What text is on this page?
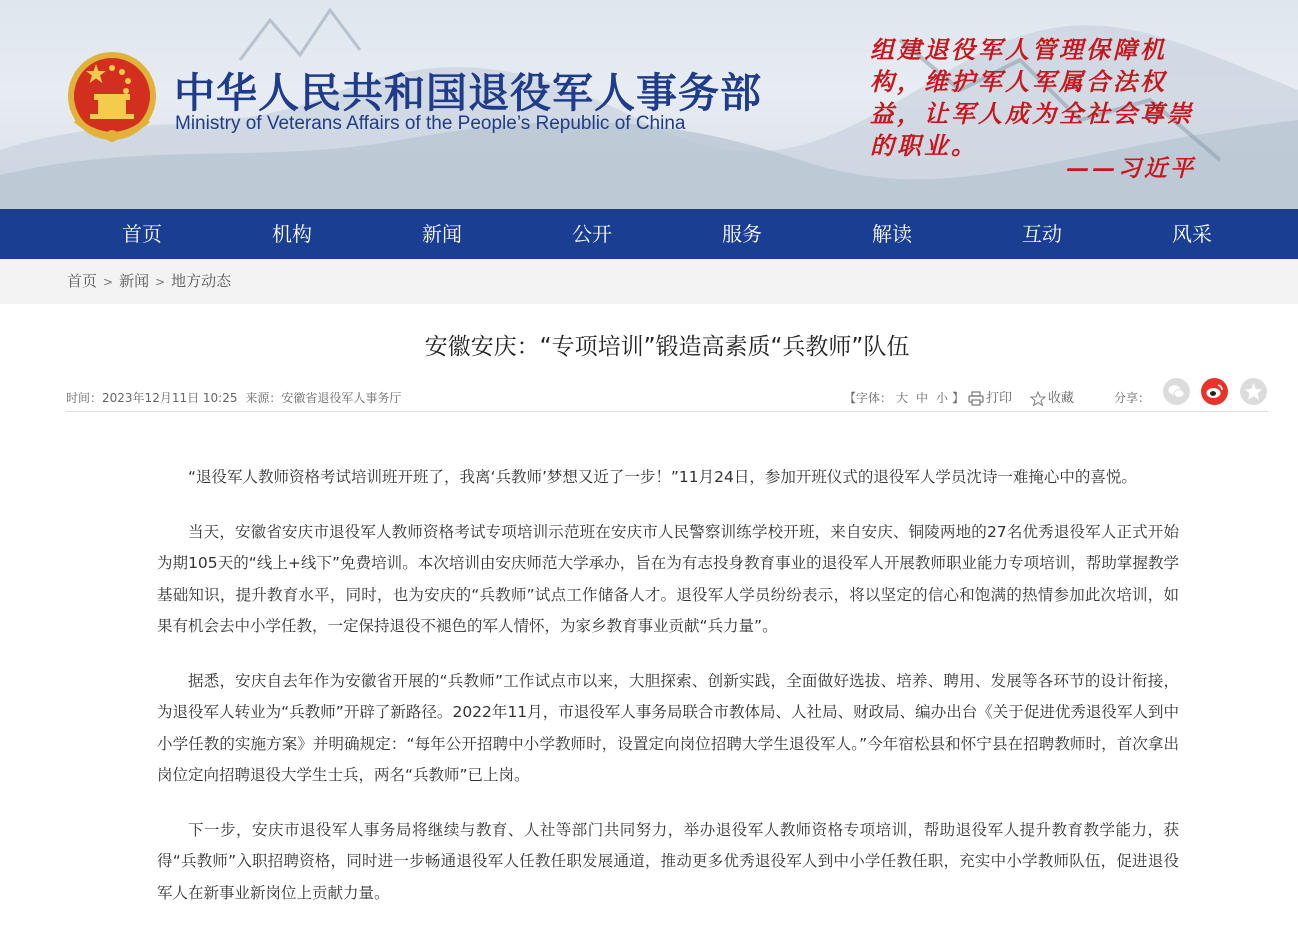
中华人民共和国退役军人事务部
Ministry of Veterans Affairs of the People’s Republic of China
组建退役军人管理保障机构，维护军人军属合法权益，让军人成为全社会尊崇的职业。
——习近平
首页	机构	新闻	公开	服务	解读	互动	风采
首页 > 新闻 > 地方动态
安徽安庆：“专项培训”锻造高素质“兵教师”队伍
时间：2023年12月11日 10:25 来源：安徽省退役军人事务厅	【字体： 大 中 小 】	打印	收藏	分享：

“退役军人教师资格考试培训班开班了，我离‘兵教师’梦想又近了一步！”11月24日，参加开班仪式的退役军人学员沈诗一难掩心中的喜悦。

当天，安徽省安庆市退役军人教师资格考试专项培训示范班在安庆市人民警察训练学校开班，来自安庆、铜陵两地的27名优秀退役军人正式开始为期105天的“线上+线下”免费培训。本次培训由安庆师范大学承办，旨在为有志投身教育事业的退役军人开展教师职业能力专项培训，帮助掌握教学基础知识，提升教育水平，同时，也为安庆的“兵教师”试点工作储备人才。退役军人学员纷纷表示，将以坚定的信心和饱满的热情参加此次培训，如果有机会去中小学任教，一定保持退役不褪色的军人情怀，为家乡教育事业贡献“兵力量”。

据悉，安庆自去年作为安徽省开展的“兵教师”工作试点市以来，大胆探索、创新实践，全面做好选拔、培养、聘用、发展等各环节的设计衔接，为退役军人转业为“兵教师”开辟了新路径。2022年11月，市退役军人事务局联合市教体局、人社局、财政局、编办出台《关于促进优秀退役军人到中小学任教的实施方案》并明确规定：“每年公开招聘中小学教师时，设置定向岗位招聘大学生退役军人。”今年宿松县和怀宁县在招聘教师时，首次拿出岗位定向招聘退役大学生士兵，两名“兵教师”已上岗。

下一步，安庆市退役军人事务局将继续与教育、人社等部门共同努力，举办退役军人教师资格专项培训，帮助退役军人提升教育教学能力，获得“兵教师”入职招聘资格，同时进一步畅通退役军人任教任职发展通道，推动更多优秀退役军人到中小学任教任职，充实中小学教师队伍，促进退役军人在新事业新岗位上贡献力量。
